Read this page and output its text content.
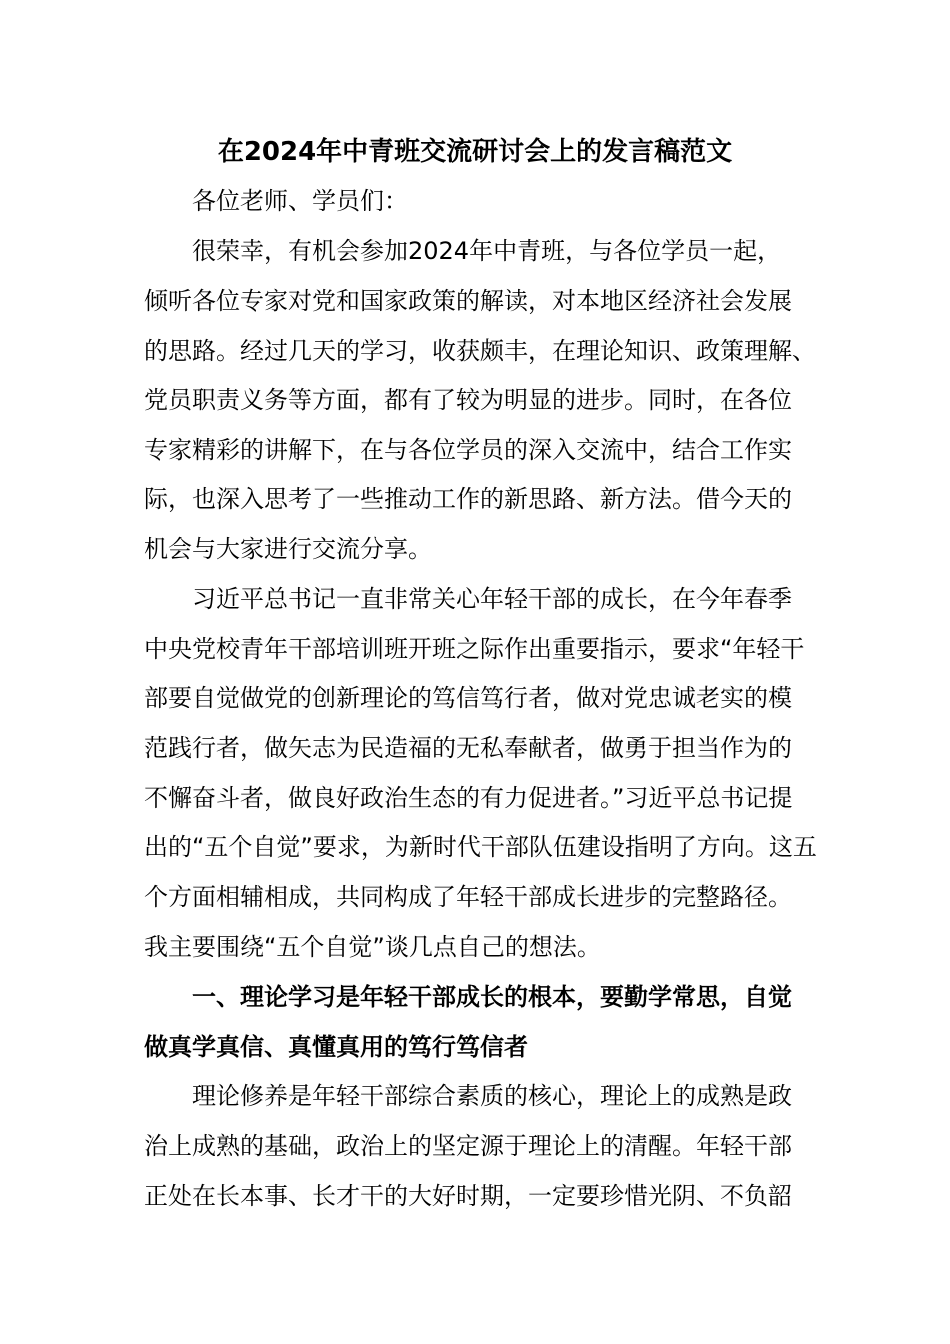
在2024年中青班交流研讨会上的发言稿范文

各位老师、学员们：

很荣幸，有机会参加2024年中青班，与各位学员一起，

倾听各位专家对党和国家政策的解读，对本地区经济社会发展

的思路。经过几天的学习，收获颇丰，在理论知识、政策理解、

党员职责义务等方面，都有了较为明显的进步。同时，在各位

专家精彩的讲解下，在与各位学员的深入交流中，结合工作实

际，也深入思考了一些推动工作的新思路、新方法。借今天的

机会与大家进行交流分享。

习近平总书记一直非常关心年轻干部的成长，在今年春季

中央党校青年干部培训班开班之际作出重要指示，要求“年轻干

部要自觉做党的创新理论的笃信笃行者，做对党忠诚老实的模

范践行者，做矢志为民造福的无私奉献者，做勇于担当作为的

不懈奋斗者，做良好政治生态的有力促进者。”习近平总书记提

出的“五个自觉”要求，为新时代干部队伍建设指明了方向。这五

个方面相辅相成，共同构成了年轻干部成长进步的完整路径。

我主要围绕“五个自觉”谈几点自己的想法。

一、理论学习是年轻干部成长的根本，要勤学常思，自觉

做真学真信、真懂真用的笃行笃信者

理论修养是年轻干部综合素质的核心，理论上的成熟是政

治上成熟的基础，政治上的坚定源于理论上的清醒。年轻干部

正处在长本事、长才干的大好时期，一定要珍惜光阴、不负韶
